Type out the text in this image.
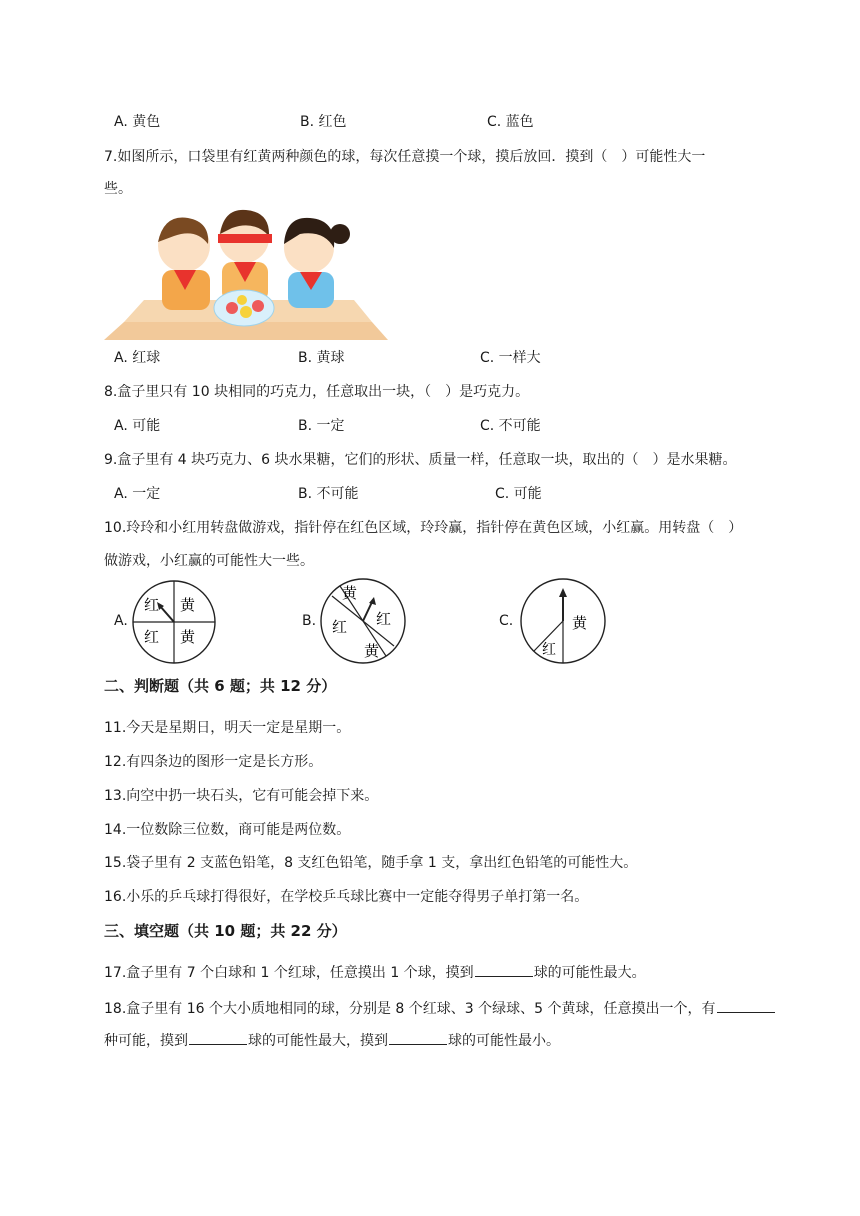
A. 黄色	B. 红色	C. 蓝色
7.如图所示，口袋里有红黄两种颜色的球，每次任意摸一个球，摸后放回．摸到（　）可能性大一
些。
A. 红球	B. 黄球	C. 一样大
8.盒子里只有 10 块相同的巧克力，任意取出一块，（　）是巧克力。
A. 可能	B. 一定	C. 不可能
9.盒子里有 4 块巧克力、6 块水果糖，它们的形状、质量一样，任意取一块，取出的（　）是水果糖。
A. 一定	B. 不可能	C. 可能
10.玲玲和小红用转盘做游戏，指针停在红色区域，玲玲赢，指针停在黄色区域，小红赢。用转盘（　）
做游戏，小红赢的可能性大一些。
A.
红 黄
红 黄
B.
黄
红
红
黄
C.	黄
红
二、判断题（共 6 题；共 12 分）
11.今天是星期日，明天一定是星期一。
12.有四条边的图形一定是长方形。
13.向空中扔一块石头，它有可能会掉下来。
14.一位数除三位数，商可能是两位数。
15.袋子里有 2 支蓝色铅笔，8 支红色铅笔，随手拿 1 支，拿出红色铅笔的可能性大。
16.小乐的乒乓球打得很好，在学校乒乓球比赛中一定能夺得男子单打第一名。
三、填空题（共 10 题；共 22 分）
17.盒子里有 7 个白球和 1 个红球，任意摸出 1 个球，摸到	球的可能性最大。
18.盒子里有 16 个大小质地相同的球，分别是 8 个红球、3 个绿球、5 个黄球，任意摸出一个，有
种可能，摸到	球的可能性最大，摸到	球的可能性最小。
